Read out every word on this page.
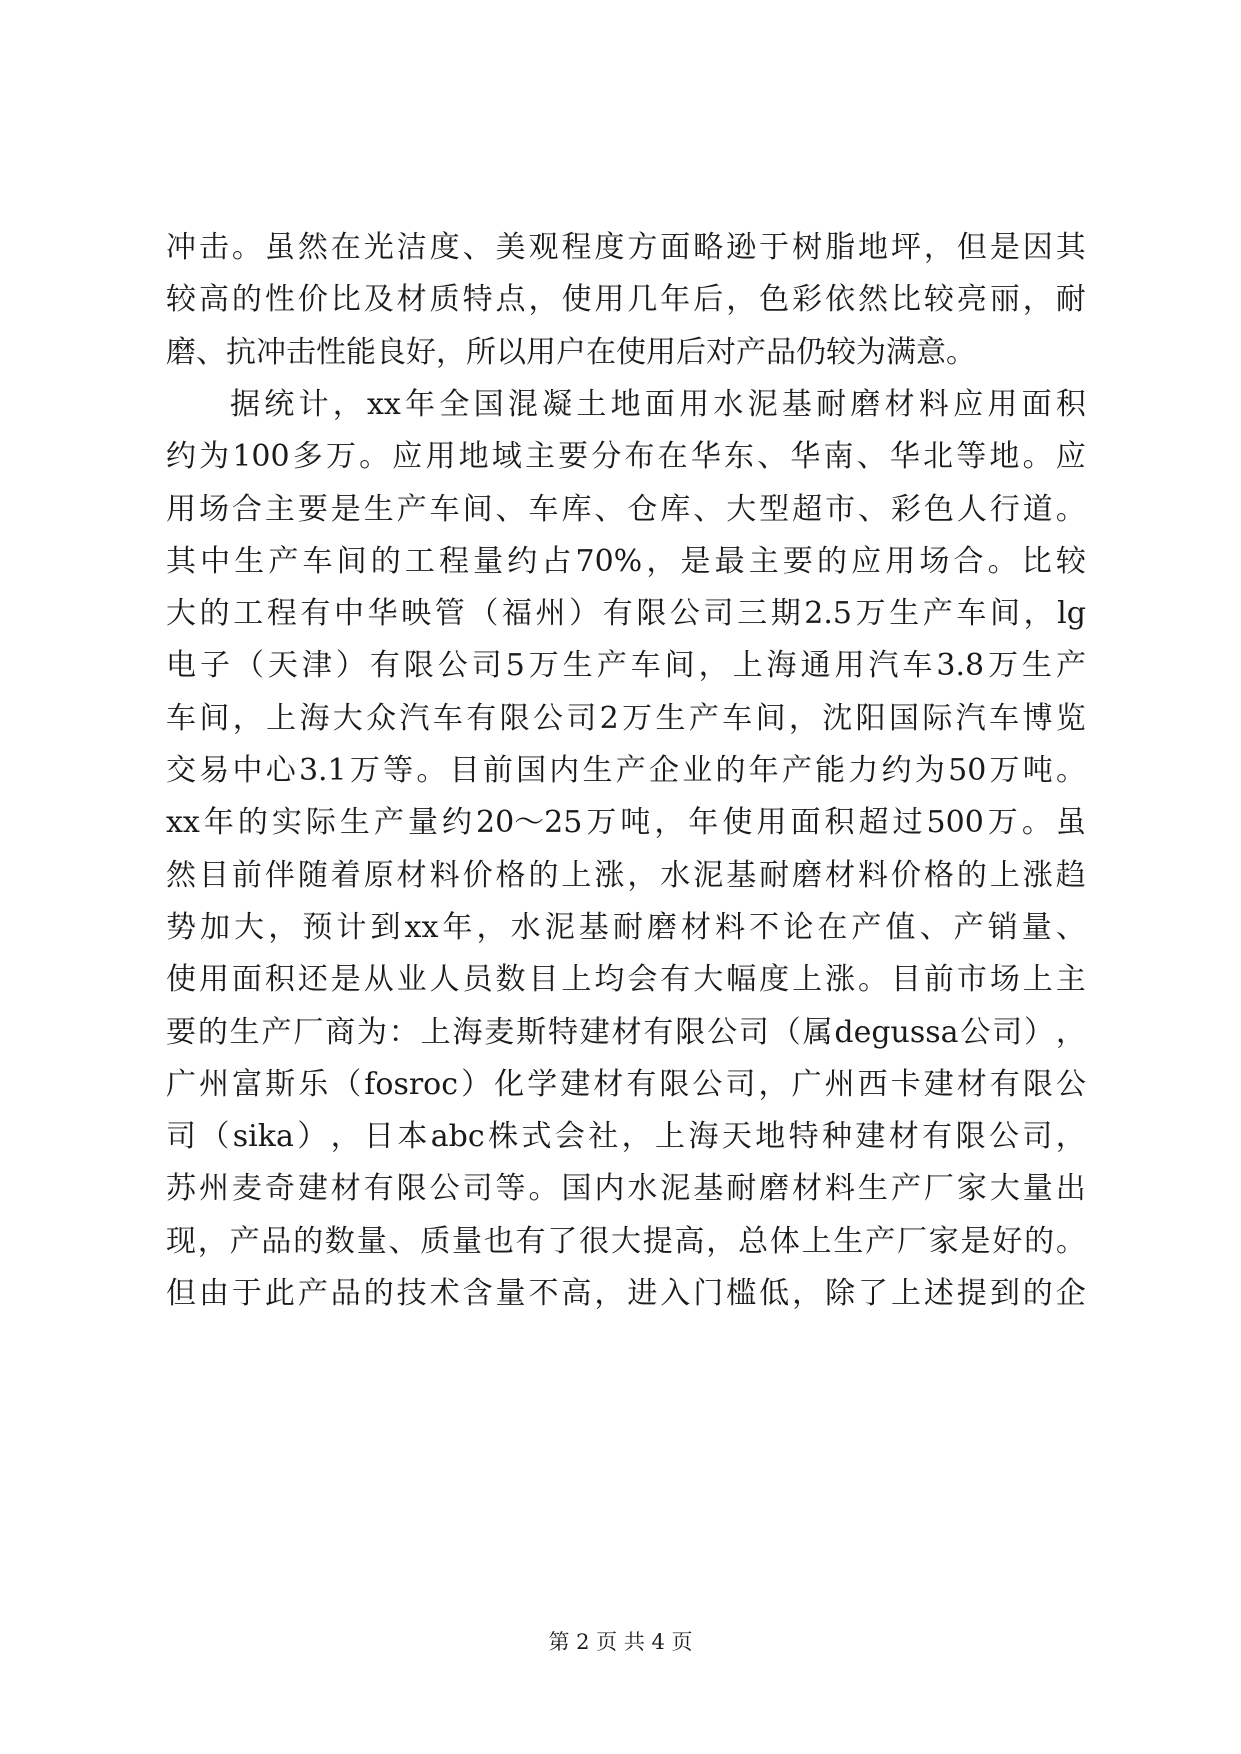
冲 击 。 虽 然 在 光 洁 度 、 美 观 程 度 方 面 略 逊 于 树 脂 地 坪 ， 但 是 因 其
较 高 的 性 价 比 及 材 质 特 点 ， 使 用 几 年 后 ， 色 彩 依 然 比 较 亮 丽 ， 耐
磨 、 抗 冲 击 性 能 良 好 ， 所 以 用 户 在 使 用 后 对 产 品 仍 较 为 满 意 。
据 统 计 ， xx 年 全 国 混 凝 土 地 面 用 水 泥 基 耐 磨 材 料 应 用 面 积
约 为 100 多 万 。 应 用 地 域 主 要 分 布 在 华 东 、 华 南 、 华 北 等 地 。 应
用 场 合 主 要 是 生 产 车 间 、 车 库 、 仓 库 、 大 型 超 市 、 彩 色 人 行 道 。
其 中 生 产 车 间 的 工 程 量 约 占 70% ， 是 最 主 要 的 应 用 场 合 。 比 较
大 的 工 程 有 中 华 映 管 （ 福 州 ） 有 限 公 司 三 期 2.5 万 生 产 车 间 ， lg
电 子 （ 天 津 ） 有 限 公 司 5 万 生 产 车 间 ， 上 海 通 用 汽 车 3.8 万 生 产
车 间 ， 上 海 大 众 汽 车 有 限 公 司 2 万 生 产 车 间 ， 沈 阳 国 际 汽 车 博 览
交 易 中 心 3.1 万 等 。 目 前 国 内 生 产 企 业 的 年 产 能 力 约 为 50 万 吨 。
xx 年 的 实 际 生 产 量 约 20～25 万 吨 ， 年 使 用 面 积 超 过 500 万 。 虽
然 目 前 伴 随 着 原 材 料 价 格 的 上 涨 ， 水 泥 基 耐 磨 材 料 价 格 的 上 涨 趋
势 加 大 ， 预 计 到 xx 年 ， 水 泥 基 耐 磨 材 料 不 论 在 产 值 、 产 销 量 、
使 用 面 积 还 是 从 业 人 员 数 目 上 均 会 有 大 幅 度 上 涨 。 目 前 市 场 上 主
要 的 生 产 厂 商 为 ： 上 海 麦 斯 特 建 材 有 限 公 司 （ 属 degussa 公 司 ） ，
广 州 富 斯 乐 （ fosroc ） 化 学 建 材 有 限 公 司 ， 广 州 西 卡 建 材 有 限 公
司 （ sika ） ， 日 本 abc 株 式 会 社 ， 上 海 天 地 特 种 建 材 有 限 公 司 ，
苏 州 麦 奇 建 材 有 限 公 司 等 。 国 内 水 泥 基 耐 磨 材 料 生 产 厂 家 大 量 出
现 ， 产 品 的 数 量 、 质 量 也 有 了 很 大 提 高 ， 总 体 上 生 产 厂 家 是 好 的 。
但 由 于 此 产 品 的 技 术 含 量 不 高 ， 进 入 门 槛 低 ， 除 了 上 述 提 到 的 企
第 2 页 共 4 页
